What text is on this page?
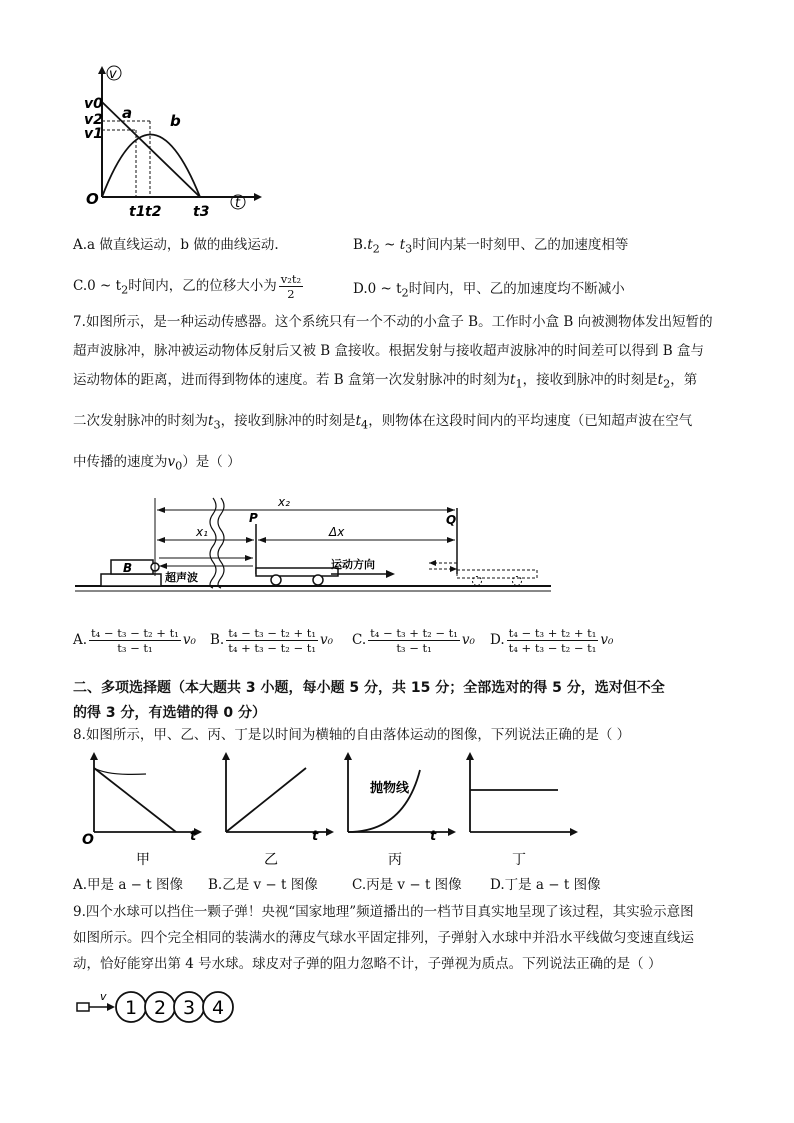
v0
v2
v1
a	b
O
t1 t2 t3
v
t
A.a 做直线运动，b 做的曲线运动.	$B.t_2$ ~ $t_3$时间内某一时刻甲、乙的加速度相等
C.0 ~ $t_2$时间内，乙的位移大小为 $\frac{\text{v₂t₂}}{2}$	D.0 ~ $t_2$时间内，甲、乙的加速度均不断减小
7.如图所示，是一种运动传感器。这个系统只有一个不动的小盒子 B。工作时小盒 B 向被测物体发出短暂的
超声波脉冲，脉冲被运动物体反射后又被 B 盒接收。根据发射与接收超声波脉冲的时间差可以得到 B 盒与
运动物体的距离，进而得到物体的速度。若 B 盒第一次发射脉冲的时刻为$t_1$，接收到脉冲的时刻是$t_2$，第
二次发射脉冲的时刻为$t_3$，接收到脉冲的时刻是$t_4$，则物体在这段时间内的平均速度（已知超声波在空气
中传播的速度为$v_0$）是（ ）
B
x₂
x₁	Δx
P	Q
超声波
运动方向
A. $\frac{\text{t₄ − t₃ − t₂ + t₁}}{\text{t₃ − t₁}} v_0$ B. $\frac{\text{t₄ − t₃ − t₂ + t₁}}{\text{t₄ + t₃ − t₂ − t₁}} v_0$ C. $\frac{\text{t₄ − t₃ + t₂ − t₁}}{\text{t₃ − t₁}} v_0$ D. $\frac{\text{t₄ − t₃ + t₂ + t₁}}{\text{t₄ + t₃ − t₂ − t₁}} v_0$
二、多项选择题（本大题共 3 小题，每小题 5 分，共 15 分；全部选对的得 5 分，选对但不全
的得 3 分，有选错的得 0 分）
8.如图所示，甲、乙、丙、丁是以时间为横轴的自由落体运动的图像，下列说法正确的是（ ）
O	t
甲
t
乙
抛物线
t
丙	丁
A.甲是 a − t 图像 B.乙是 v − t 图像	C.丙是 v − t 图像 D.丁是 a − t 图像
9.四个水球可以挡住一颗子弹！央视“国家地理”频道播出的一档节目真实地呈现了该过程，其实验示意图
如图所示。四个完全相同的装满水的薄皮气球水平固定排列，子弹射入水球中并沿水平线做匀变速直线运
动，恰好能穿出第 4 号水球。球皮对子弹的阻力忽略不计，子弹视为质点。下列说法正确的是（ ）
v
1 2 3 4
